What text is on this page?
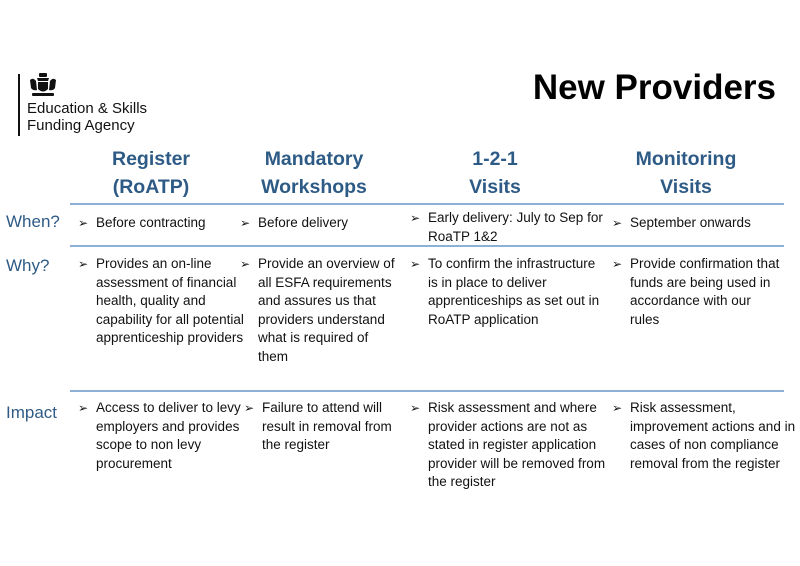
Education & Skills
Funding Agency
New Providers
Register
(RoATP)
Mandatory
Workshops
1-2-1
Visits
Monitoring
Visits
When?
Why?
Impact
➢ Before contracting	➢ Before delivery	➢ Early delivery: July to Sep for RoaTP 1&2
➢ September onwards
➢ Provides an on-line assessment of financial health, quality and capability for all potential apprenticeship providers
➢ Provide an overview of all ESFA requirements and assures us that providers understand what is required of them
➢ To confirm the infrastructure is in place to deliver apprenticeships as set out in RoATP application
➢ Provide confirmation that funds are being used in accordance with our rules
➢ Access to deliver to levy employers and provides scope to non levy procurement
➢ Failure to attend will result in removal from the register
➢ Risk assessment and where provider actions are not as stated in register application provider will be removed from the register
➢ Risk assessment, improvement actions and in cases of non compliance removal from the register
